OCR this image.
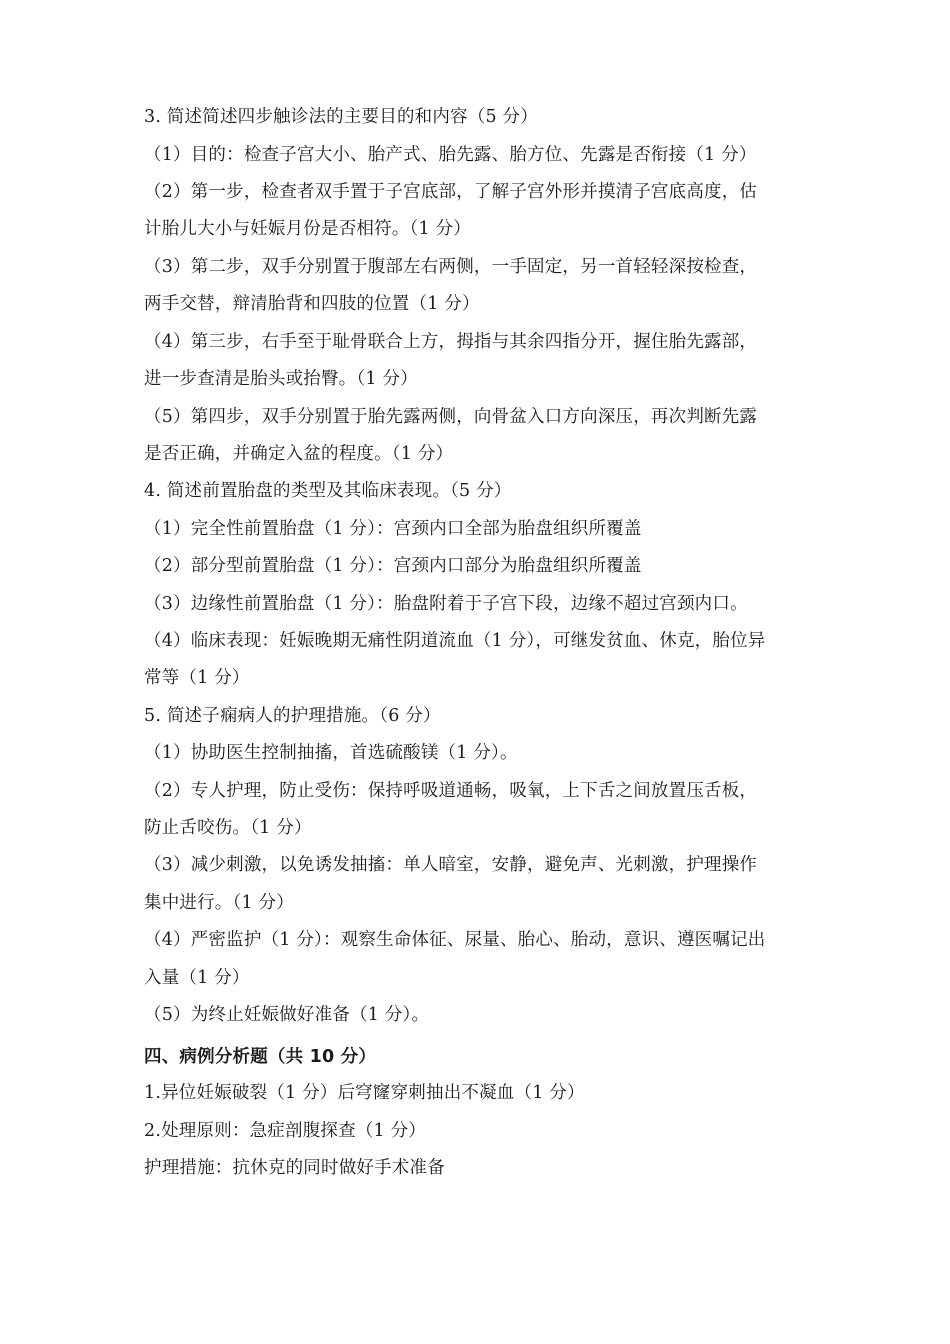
3. 简述简述四步触诊法的主要目的和内容（5 分）
（1）目的：检查子宫大小、胎产式、胎先露、胎方位、先露是否衔接（1 分）
（2）第一步，检查者双手置于子宫底部，了解子宫外形并摸清子宫底高度，估
计胎儿大小与妊娠月份是否相符。（1 分）
（3）第二步，双手分别置于腹部左右两侧，一手固定，另一首轻轻深按检查，
两手交替，辩清胎背和四肢的位置（1 分）
（4）第三步，右手至于耻骨联合上方，拇指与其余四指分开，握住胎先露部，
进一步查清是胎头或抬臀。（1 分）
（5）第四步，双手分别置于胎先露两侧，向骨盆入口方向深压，再次判断先露
是否正确，并确定入盆的程度。（1 分）
4. 简述前置胎盘的类型及其临床表现。（5 分）
（1）完全性前置胎盘（1 分）：宫颈内口全部为胎盘组织所覆盖
（2）部分型前置胎盘（1 分）：宫颈内口部分为胎盘组织所覆盖
（3）边缘性前置胎盘（1 分）：胎盘附着于子宫下段，边缘不超过宫颈内口。
（4）临床表现：妊娠晚期无痛性阴道流血（1 分），可继发贫血、休克，胎位异
常等（1 分）
5. 简述子痫病人的护理措施。（6 分）
（1）协助医生控制抽搐，首选硫酸镁（1 分）。
（2）专人护理，防止受伤：保持呼吸道通畅，吸氧，上下舌之间放置压舌板，
防止舌咬伤。（1 分）
（3）减少刺激，以免诱发抽搐：单人暗室，安静，避免声、光刺激，护理操作
集中进行。（1 分）
（4）严密监护（1 分）：观察生命体征、尿量、胎心、胎动，意识、遵医嘱记出
入量（1 分）
（5）为终止妊娠做好准备（1 分）。
四、病例分析题（共 10 分）
1.异位妊娠破裂（1 分）后穹窿穿刺抽出不凝血（1 分）
2.处理原则：急症剖腹探查（1 分）
护理措施：抗休克的同时做好手术准备
